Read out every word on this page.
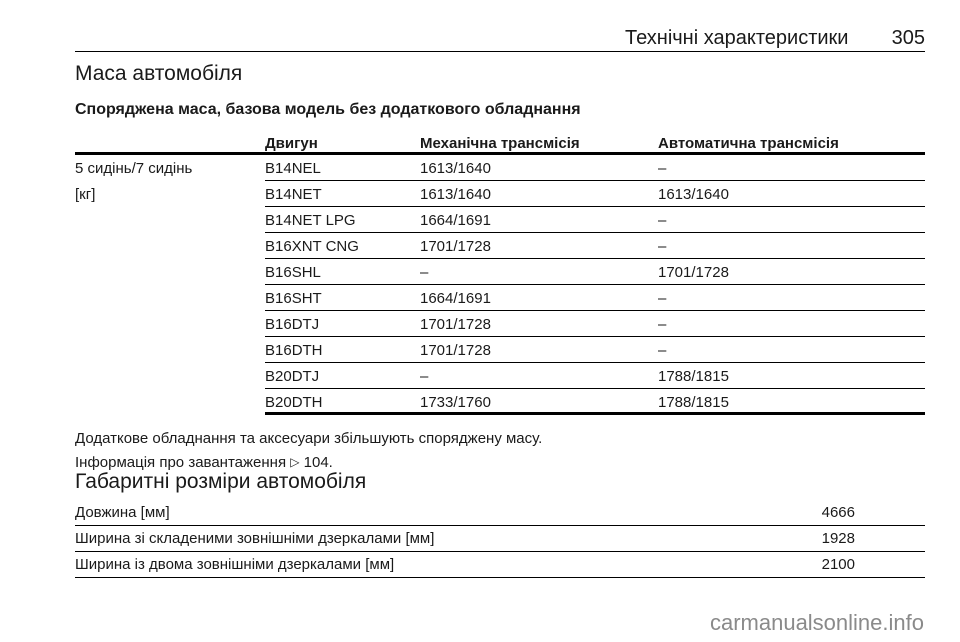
Технічні характеристики 305
Маса автомобіля
Споряджена маса, базова модель без додаткового обладнання
Двигун	Механічна трансмісія	Автоматична трансмісія
5 сидінь/7 сидінь
[кг]
B14NEL	1613/1640	–
B14NET	1613/1640	1613/1640
B14NET LPG	1664/1691	–
B16XNT CNG	1701/1728	–
B16SHL	–	1701/1728
B16SHT	1664/1691	–
B16DTJ	1701/1728	–
B16DTH	1701/1728	–
B20DTJ	–	1788/1815
B20DTH	1733/1760	1788/1815
Додаткове обладнання та аксесуари збільшують споряджену масу.
Інформація про завантаження ▷ 104.
Габаритні розміри автомобіля
Довжина [мм]	4666
Ширина зі складеними зовнішніми дзеркалами [мм]	1928
Ширина із двома зовнішніми дзеркалами [мм]	2100
carmanualsonline.info
